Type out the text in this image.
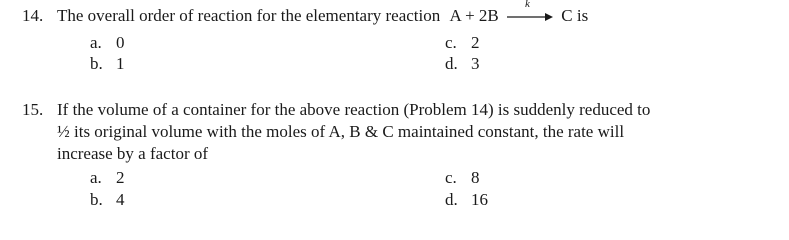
14. The overall order of reaction for the elementary reaction A + 2B
k
C is
a. 0
b. 1
c. 2
d. 3
15. If the volume of a container for the above reaction (Problem 14) is suddenly reduced to
½ its original volume with the moles of A, B & C maintained constant, the rate will
increase by a factor of
a. 2
b. 4
c. 8
d. 16
